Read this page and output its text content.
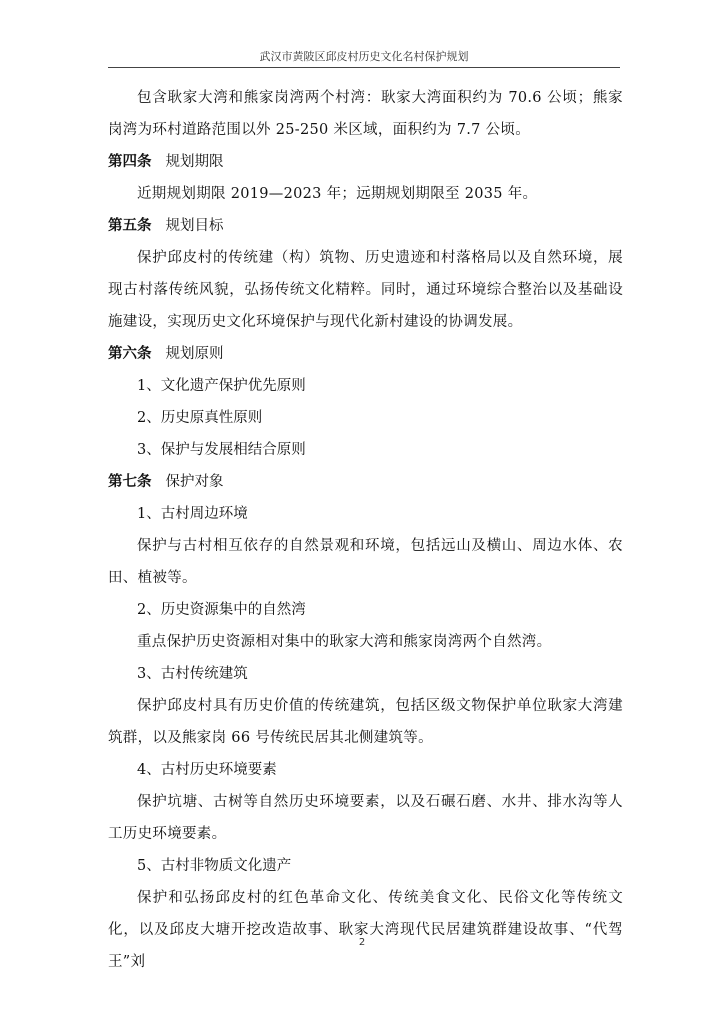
武汉市黄陂区邱皮村历史文化名村保护规划

包含耿家大湾和熊家岗湾两个村湾：耿家大湾面积约为 70.6 公顷；熊家岗湾为环村道路范围以外 25-250 米区域，面积约为 7.7 公顷。

第四条 规划期限

近期规划期限 2019—2023 年；远期规划期限至 2035 年。

第五条 规划目标

保护邱皮村的传统建（构）筑物、历史遗迹和村落格局以及自然环境，展现古村落传统风貌，弘扬传统文化精粹。同时，通过环境综合整治以及基础设施建设，实现历史文化环境保护与现代化新村建设的协调发展。

第六条 规划原则

1、文化遗产保护优先原则

2、历史原真性原则

3、保护与发展相结合原则

第七条 保护对象

1、古村周边环境

保护与古村相互依存的自然景观和环境，包括远山及横山、周边水体、农田、植被等。

2、历史资源集中的自然湾

重点保护历史资源相对集中的耿家大湾和熊家岗湾两个自然湾。

3、古村传统建筑

保护邱皮村具有历史价值的传统建筑，包括区级文物保护单位耿家大湾建筑群，以及熊家岗 66 号传统民居其北侧建筑等。

4、古村历史环境要素

保护坑塘、古树等自然历史环境要素，以及石碾石磨、水井、排水沟等人工历史环境要素。

5、古村非物质文化遗产

保护和弘扬邱皮村的红色革命文化、传统美食文化、民俗文化等传统文化，以及邱皮大塘开挖改造故事、耿家大湾现代民居建筑群建设故事、“代驾王”刘

2
